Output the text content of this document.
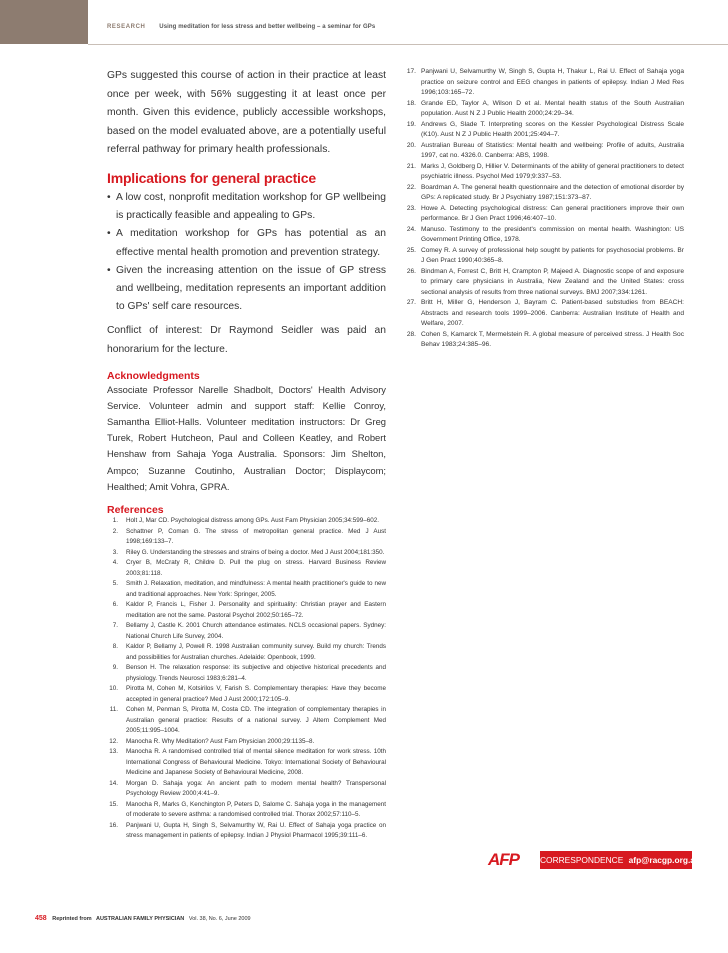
RESEARCH Using meditation for less stress and better wellbeing – a seminar for GPs

GPs suggested this course of action in their practice at least once per week, with 56% suggesting it at least once per month. Given this evidence, publicly accessible workshops, based on the model evaluated above, are a potentially useful referral pathway for primary health professionals.

Implications for general practice
• A low cost, nonprofit meditation workshop for GP wellbeing is practically feasible and appealing to GPs.
• A meditation workshop for GPs has potential as an effective mental health promotion and prevention strategy.
• Given the increasing attention on the issue of GP stress and wellbeing, meditation represents an important addition to GPs' self care resources.

Conflict of interest: Dr Raymond Seidler was paid an honorarium for the lecture.

Acknowledgments

Associate Professor Narelle Shadbolt, Doctors' Health Advisory Service. Volunteer admin and support staff: Kellie Conroy, Samantha Elliot-Halls. Volunteer meditation instructors: Dr Greg Turek, Robert Hutcheon, Paul and Colleen Keatley, and Robert Henshaw from Sahaja Yoga Australia. Sponsors: Jim Shelton, Ampco; Suzanne Coutinho, Australian Doctor; Displaycom; Healthed; Amit Vohra, GPRA.

References
1. Holt J, Mar CD. Psychological distress among GPs. Aust Fam Physician 2005;34:599–602.
2. Schattner P, Coman G. The stress of metropolitan general practice. Med J Aust 1998;169:133–7.
3. Riley G. Understanding the stresses and strains of being a doctor. Med J Aust 2004;181:350.
4. Cryer B, McCraty R, Childre D. Pull the plug on stress. Harvard Business Review 2003;81:118.
5. Smith J. Relaxation, meditation, and mindfulness: A mental health practitioner's guide to new and traditional approaches. New York: Springer, 2005.
6. Kaldor P, Francis L, Fisher J. Personality and spirituality: Christian prayer and Eastern meditation are not the same. Pastoral Psychol 2002;50:165–72.
7. Bellamy J, Castle K. 2001 Church attendance estimates. NCLS occasional papers. Sydney: National Church Life Survey, 2004.
8. Kaldor P, Bellamy J, Powell R. 1998 Australian community survey. Build my church: Trends and possibilities for Australian churches. Adelaide: Openbook, 1999.
9. Benson H. The relaxation response: its subjective and objective historical precedents and physiology. Trends Neurosci 1983;6:281–4.
10. Pirotta M, Cohen M, Kotsirilos V, Farish S. Complementary therapies: Have they become accepted in general practice? Med J Aust 2000;172:105–9.
11. Cohen M, Penman S, Pirotta M, Costa CD. The integration of complementary therapies in Australian general practice: Results of a national survey. J Altern Complement Med 2005;11:995–1004.
12. Manocha R. Why Meditation? Aust Fam Physician 2000;29:1135–8.
13. Manocha R. A randomised controlled trial of mental silence meditation for work stress. 10th International Congress of Behavioural Medicine. Tokyo: International Society of Behavioural Medicine and Japanese Society of Behavioural Medicine, 2008.
14. Morgan D. Sahaja yoga: An ancient path to modern mental health? Transpersonal Psychology Review 2000;4:41–9.
15. Manocha R, Marks G, Kenchington P, Peters D, Salome C. Sahaja yoga in the management of moderate to severe asthma: a randomised controlled trial. Thorax 2002;57:110–5.
16. Panjwani U, Gupta H, Singh S, Selvamurthy W, Rai U. Effect of Sahaja yoga practice on stress management in patients of epilepsy. Indian J Physiol Pharmacol 1995;39:111–6.
17. Panjwani U, Selvamurthy W, Singh S, Gupta H, Thakur L, Rai U. Effect of Sahaja yoga practice on seizure control and EEG changes in patients of epilepsy. Indian J Med Res 1996;103:165–72.
18. Grande ED, Taylor A, Wilson D et al. Mental health status of the South Australian population. Aust N Z J Public Health 2000;24:29–34.
19. Andrews G, Slade T. Interpreting scores on the Kessler Psychological Distress Scale (K10). Aust N Z J Public Health 2001;25:494–7.
20. Australian Bureau of Statistics: Mental health and wellbeing: Profile of adults, Australia 1997, cat no. 4326.0. Canberra: ABS, 1998.
21. Marks J, Goldberg D, Hillier V. Determinants of the ability of general practitioners to detect psychiatric illness. Psychol Med 1979;9:337–53.
22. Boardman A. The general health questionnaire and the detection of emotional disorder by GPs: A replicated study. Br J Psychiatry 1987;151:373–87.
23. Howe A. Detecting psychological distress: Can general practitioners improve their own performance. Br J Gen Pract 1996;46:407–10.
24. Manuso. Testimony to the president's commission on mental health. Washington: US Government Printing Office, 1978.
25. Comey R. A survey of professional help sought by patients for psychosocial problems. Br J Gen Pract 1990;40:365–8.
26. Bindman A, Forrest C, Britt H, Crampton P, Majeed A. Diagnostic scope of and exposure to primary care physicians in Australia, New Zealand and the United States: cross sectional analysis of results from three national surveys. BMJ 2007;334:1261.
27. Britt H, Miller G, Henderson J, Bayram C. Patient-based substudies from BEACH: Abstracts and research tools 1999–2006. Canberra: Australian Institute of Health and Welfare, 2007.
28. Cohen S, Kamarck T, Mermelstein R. A global measure of perceived stress. J Health Soc Behav 1983;24:385–96.
AFP	CORRESPONDENCE afp@racgp.org.au
458 Reprinted from AUSTRALIAN FAMILY PHYSICIAN Vol. 38, No. 6, June 2009
